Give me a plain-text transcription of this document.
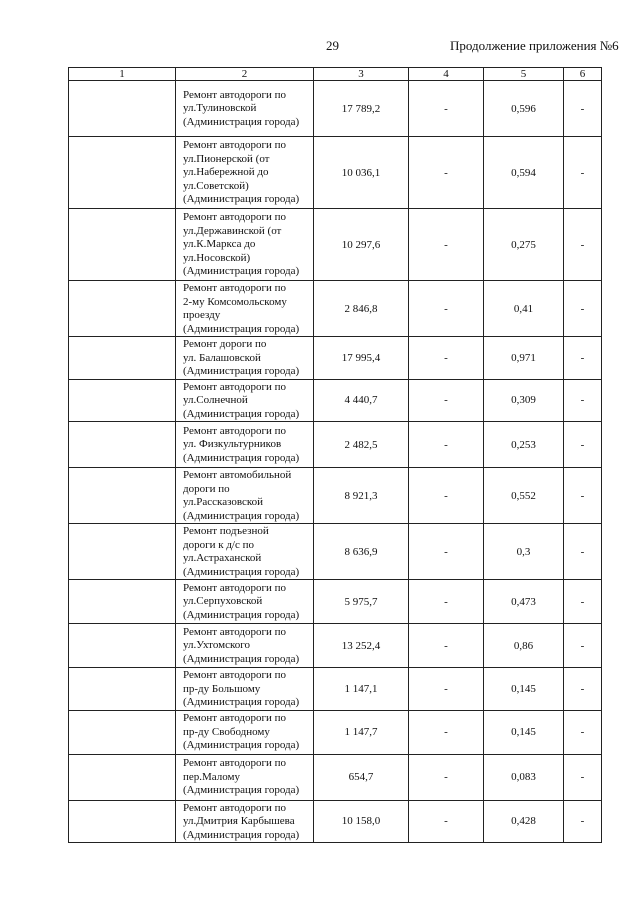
29	Продолжение приложения №6
1	2	3	4	5	6
	Ремонт автодороги по
ул.Тулиновской
(Администрация города)	17 789,2	-	0,596	-
	Ремонт автодороги по
ул.Пионерской (от
ул.Набережной до
ул.Советской)
(Администрация города)	10 036,1	-	0,594	-
	Ремонт автодороги по
ул.Державинской (от
ул.К.Маркса до
ул.Носовской)
(Администрация города)	10 297,6	-	0,275	-
	Ремонт автодороги по
2-му Комсомольскому
проезду
(Администрация города)	2 846,8	-	0,41	-
	Ремонт дороги по
ул. Балашовской
(Администрация города)	17 995,4	-	0,971	-
	Ремонт автодороги по
ул.Солнечной
(Администрация города)	4 440,7	-	0,309	-
	Ремонт автодороги по
ул. Физкультурников
(Администрация города)	2 482,5	-	0,253	-
	Ремонт автомобильной
дороги по
ул.Рассказовской
(Администрация города)	8 921,3	-	0,552	-
	Ремонт подъезной
дороги к д/с по
ул.Астраханской
(Администрация города)	8 636,9	-	0,3	-
	Ремонт автодороги по
ул.Серпуховской
(Администрация города)	5 975,7	-	0,473	-
	Ремонт автодороги по
ул.Ухтомского
(Администрация города)	13 252,4	-	0,86	-
	Ремонт автодороги по
пр-ду Большому
(Администрация города)	1 147,1	-	0,145	-
	Ремонт автодороги по
пр-ду Свободному
(Администрация города)	1 147,7	-	0,145	-
	Ремонт автодороги по
пер.Малому
(Администрация города)	654,7	-	0,083	-
	Ремонт автодороги по
ул.Дмитрия Карбышева
(Администрация города)	10 158,0	-	0,428	-
